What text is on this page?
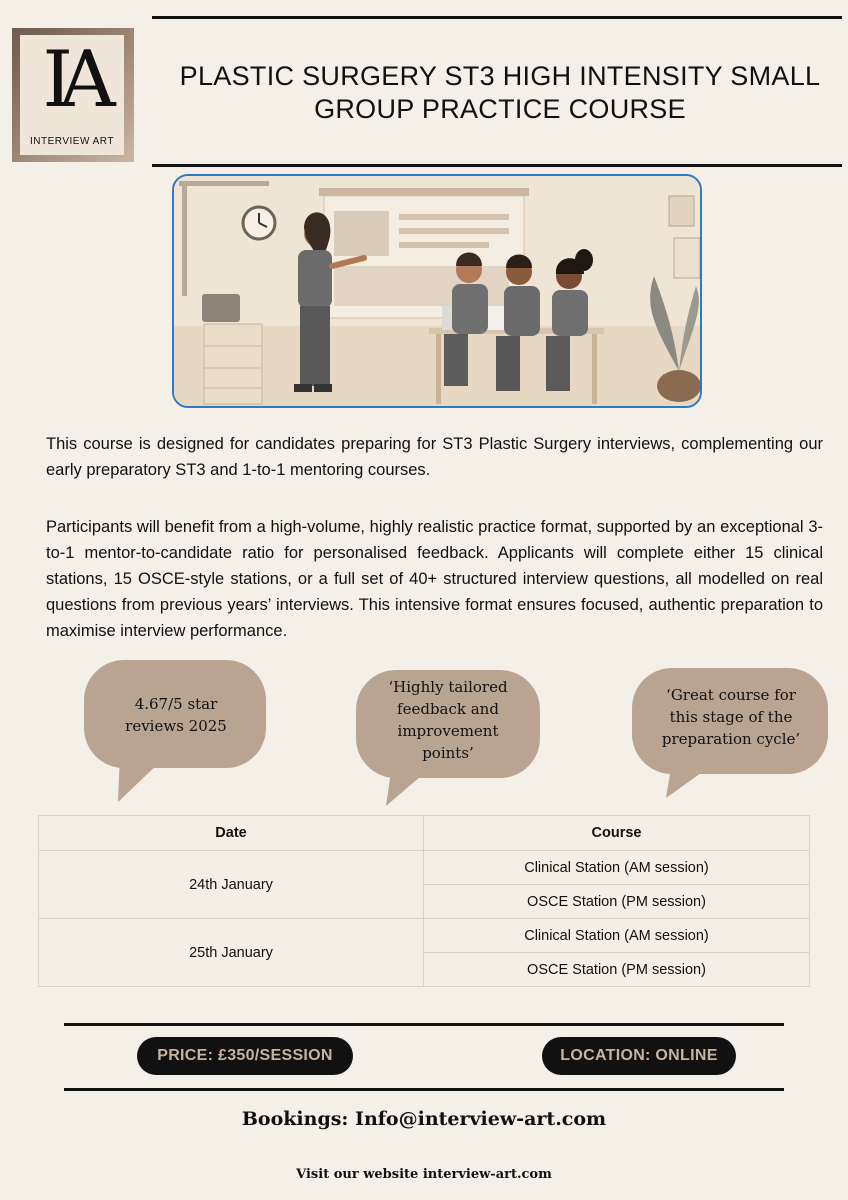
IA
INTERVIEW ART
PLASTIC SURGERY ST3 HIGH INTENSITY SMALL GROUP PRACTICE COURSE
This course is designed for candidates preparing for ST3 Plastic Surgery interviews, complementing our early preparatory ST3 and 1-to-1 mentoring courses.
Participants will benefit from a high-volume, highly realistic practice format, supported by an exceptional 3-to-1 mentor-to-candidate ratio for personalised feedback. Applicants will complete either 15 clinical stations, 15 OSCE-style stations, or a full set of 40+ structured interview questions, all modelled on real questions from previous years’ interviews. This intensive format ensures focused, authentic preparation to maximise interview performance.
4.67/5 star reviews 2025
‘Highly tailored feedback and improvement points’
‘Great course for this stage of the preparation cycle’
Date	Course
24th January	Clinical Station (AM session)
	OSCE Station (PM session)
25th January	Clinical Station (AM session)
	OSCE Station (PM session)
PRICE: £350/SESSION	LOCATION: ONLINE
Bookings: Info@interview-art.com
Visit our website interview-art.com
